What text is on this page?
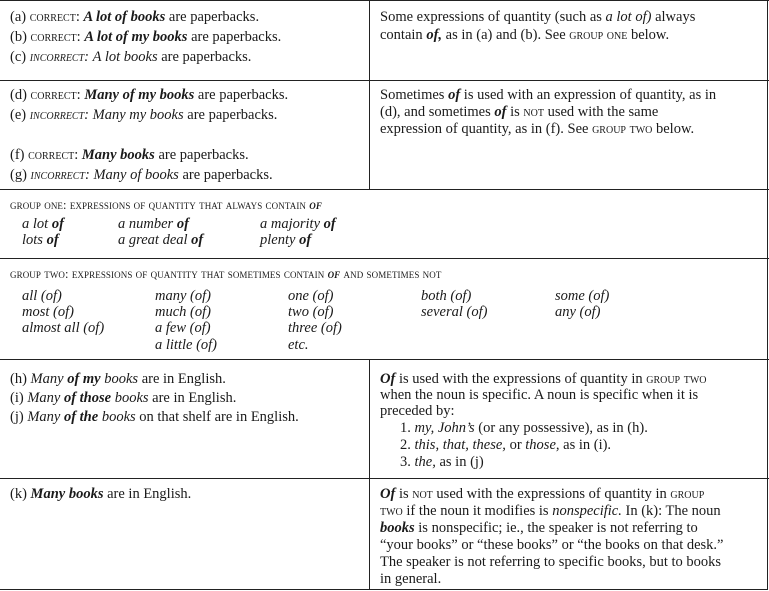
(a) correct: A lot of books are paperbacks.
(b) correct: A lot of my books are paperbacks.
(c) incorrect: A lot books are paperbacks.
Some expressions of quantity (such as a lot of) always
contain of, as in (a) and (b). See group one below.
(d) correct: Many of my books are paperbacks.
(e) incorrect: Many my books are paperbacks.
(f) correct: Many books are paperbacks.
(g) incorrect: Many of books are paperbacks.
Sometimes of is used with an expression of quantity, as in
(d), and sometimes of is not used with the same
expression of quantity, as in (f). See group two below.
group one: expressions of quantity that always contain of
a lot of
lots of
a number of
a great deal of
a majority of
plenty of
group two: expressions of quantity that sometimes contain of and sometimes not
all (of)
most (of)
almost all (of)
many (of)
much (of)
a few (of)
a little (of)
one (of)
two (of)
three (of)
etc.
both (of)
several (of)
some (of)
any (of)
(h) Many of my books are in English.
(i) Many of those books are in English.
(j) Many of the books on that shelf are in English.
Of is used with the expressions of quantity in group two
when the noun is specific. A noun is specific when it is
preceded by:
1. my, John’s (or any possessive), as in (h).
2. this, that, these, or those, as in (i).
3. the, as in (j)
(k) Many books are in English.	Of is not used with the expressions of quantity in group
two if the noun it modifies is nonspecific. In (k): The noun
books is nonspecific; ie., the speaker is not referring to
“your books” or “these books” or “the books on that desk.”
The speaker is not referring to specific books, but to books
in general.
